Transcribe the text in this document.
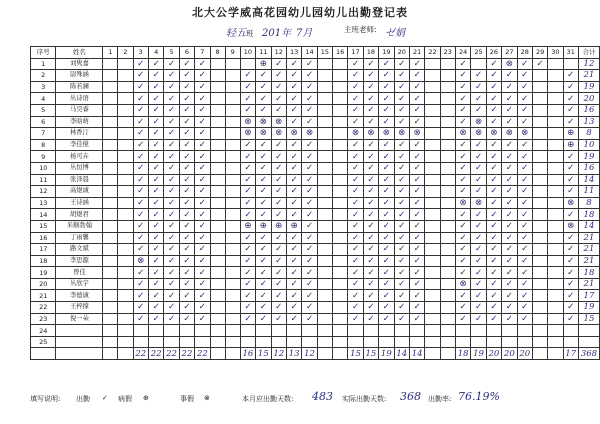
北大公学威高花园幼儿园幼儿出勤登记表
轻五班 201年 7月	主班老师: ゼ娟
序号	姓名	1	2	3	4	5	6	7	8	9	10	11	12	13	14	15	16	17	18	19	20	21	22	23	24	25	26	27	28	29	30	31	合计
1	刘隽嘉			✓	✓	✓	✓	✓				⊕	✓	✓	✓			✓	✓	✓	✓	✓			✓		✓	⊗	✓	✓			12
2	尉殊涵			✓	✓	✓	✓	✓			✓	✓	✓	✓	✓			✓	✓	✓	✓	✓			✓	✓	✓	✓	✓			✓	21
3	陈若澜			✓	✓	✓	✓	✓			✓	✓	✓	✓	✓			✓	✓	✓	✓	✓			✓	✓	✓	✓	✓			✓	19
4	丛诗语			✓	✓	✓	✓	✓			✓	✓	✓	✓	✓			✓	✓	✓	✓	✓			✓	✓	✓	✓	✓			✓	20
5	马昊睿			✓	✓	✓	✓	✓			✓	✓	✓	✓	✓			✓	✓	✓	✓	✓			✓	✓	✓	✓	✓			✓	16
6	李晗萌			✓	✓	✓	✓	✓			⊗	⊗	⊗	✓	✓			✓	✓	✓	✓	✓			✓	⊗	✓	✓	✓			✓	13
7	林香汀			✓	✓	✓	✓	✓			⊗	⊗	⊗	⊗	⊗			⊗	⊗	⊗	⊗	⊗			⊗	⊗	⊗	⊗	⊗			⊕	8
8	李佳傥			✓	✓	✓	✓	✓			✓	✓	✓	✓	✓			✓	✓	✓	✓	✓			✓	✓	✓	✓	✓			⊕	10
9	杨可卉			✓	✓	✓	✓	✓			✓	✓	✓	✓	✓			✓	✓	✓	✓	✓			✓	✓	✓	✓	✓			✓	19
10	丛恒博			✓	✓	✓	✓	✓			✓	✓	✓	✓	✓			✓	✓	✓	✓	✓			✓	✓	✓	✓	✓			✓	16
11	张泽晨			✓	✓	✓	✓	✓			✓	✓	✓	✓	✓			✓	✓	✓	✓	✓			✓	✓	✓	✓	✓			✓	14
12	高煜诚			✓	✓	✓	✓	✓			✓	✓	✓	✓	✓			✓	✓	✓	✓	✓			✓	✓	✓	✓	✓			✓	11
13	王诗涵			✓	✓	✓	✓	✓			✓	✓	✓	✓	✓			✓	✓	✓	✓	✓			⊗	⊗	✓	✓	✓			⊗	8
14	胡煜君			✓	✓	✓	✓	✓			✓	✓	✓	✓	✓			✓	✓	✓	✓	✓			✓	✓	✓	✓	✓			✓	18
15	米顺勃翰			✓	✓	✓	✓	✓			⊕	⊕	⊕	⊕	✓			✓	✓	✓	✓	✓			✓	✓	✓	✓	✓			⊗	14
16	丁雨馨			✓	✓	✓	✓	✓			✓	✓	✓	✓	✓			✓	✓	✓	✓	✓			✓	✓	✓	✓	✓			✓	21
17	路文斌			✓	✓	✓	✓	✓			✓	✓	✓	✓	✓			✓	✓	✓	✓	✓			✓	✓	✓	✓	✓			✓	21
18	李思源			⊗	✓	✓	✓	✓			✓	✓	✓	✓	✓			✓	✓	✓	✓	✓			✓	✓	✓	✓	✓			✓	21
19	曾佳			✓	✓	✓	✓	✓			✓	✓	✓	✓	✓			✓	✓	✓	✓	✓			✓	✓	✓	✓	✓			✓	18
20	丛欣宇			✓	✓	✓	✓	✓			✓	✓	✓	✓	✓			✓	✓	✓	✓	✓			⊗	✓	✓	✓	✓			✓	21
21	李德诚			✓	✓	✓	✓	✓			✓	✓	✓	✓	✓			✓	✓	✓	✓	✓			✓	✓	✓	✓	✓			✓	17
22	王梓撑			✓	✓	✓	✓	✓			✓	✓	✓	✓	✓			✓	✓	✓	✓	✓			✓	✓	✓	✓	✓			✓	19
23	倪一朵			✓	✓	✓	✓	✓			✓	✓	✓	✓	✓			✓	✓	✓	✓	✓			✓	✓	✓	✓	✓			✓	15
24																																	
25																																	
				22	22	22	22	22			16	15	12	13	12			15	15	19	14	14			18	19	20	20	20			17	368
填写说明: 出勤 ✓ 病假 ⊕	事假 ⊗	本月应出勤天数: 483 实际出勤天数: 368 出勤率: 76.19%
